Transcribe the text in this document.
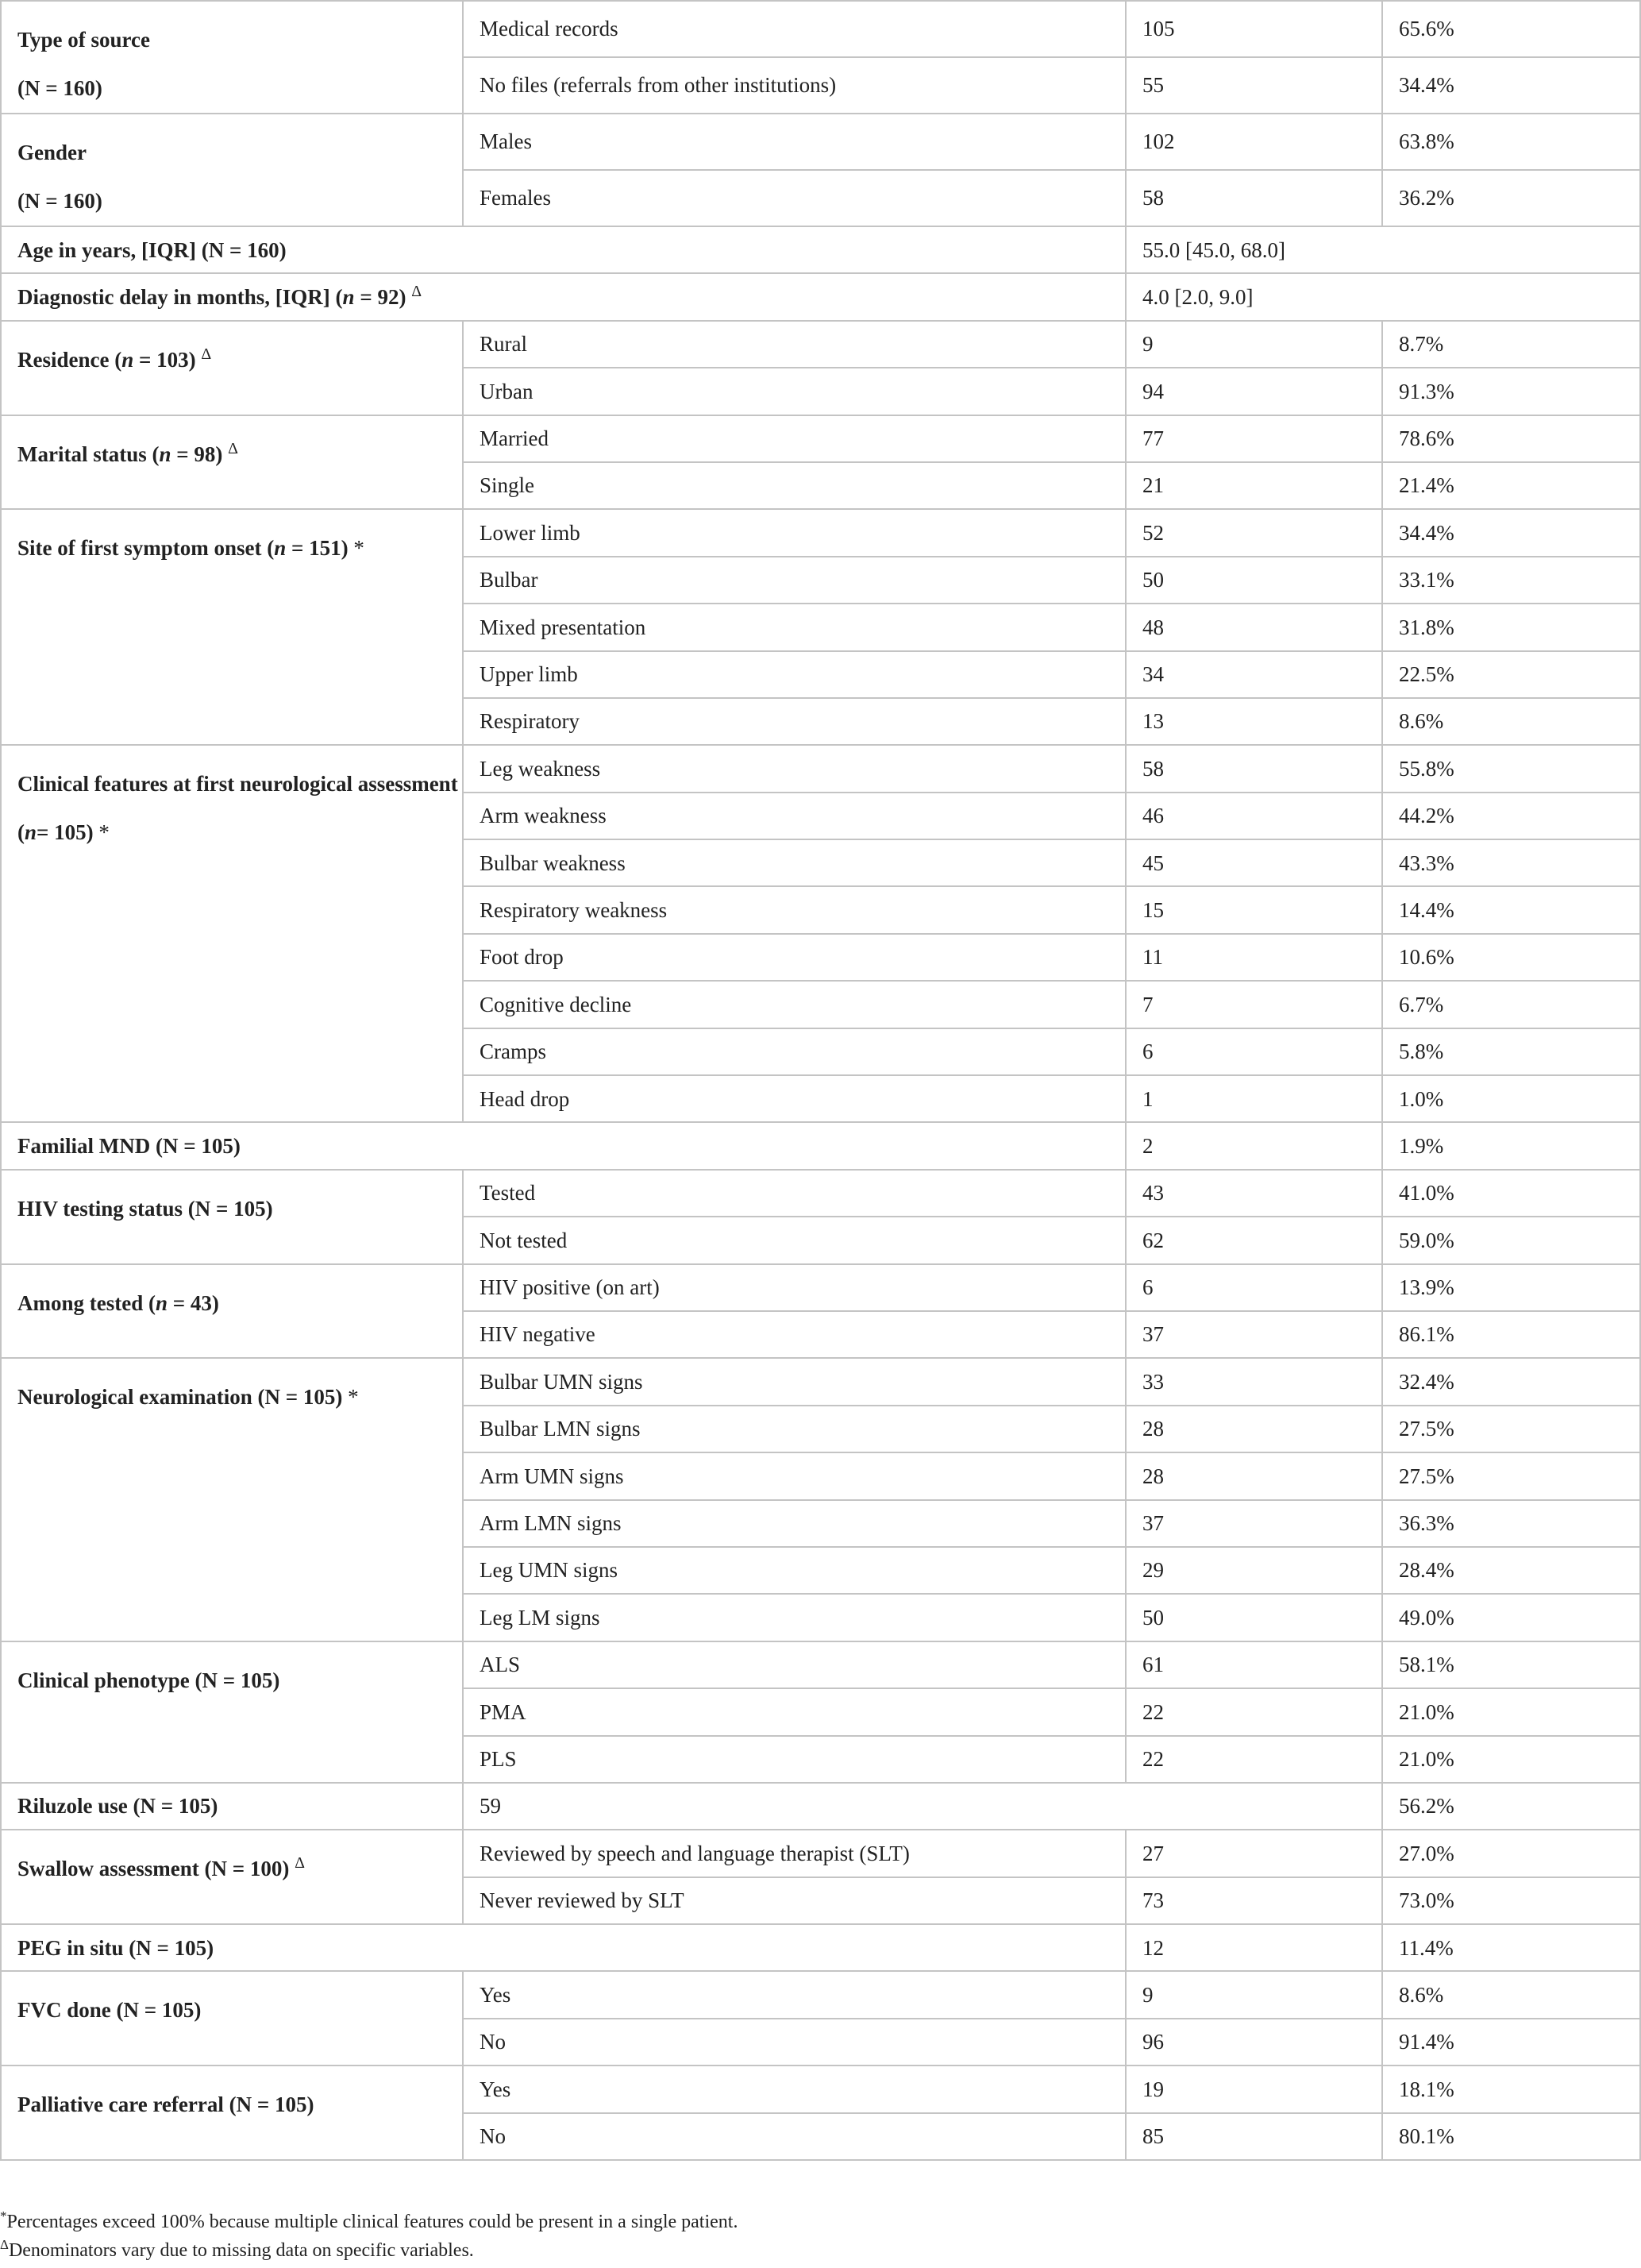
Type of source
(N = 160)	Medical records	105	65.6%
	No files (referrals from other institutions)	55	34.4%
Gender
(N = 160)	Males	102	63.8%
	Females	58	36.2%
Age in years, [IQR] (N = 160)		55.0 [45.0, 68.0]	
Diagnostic delay in months, [IQR] (n = 92) $^\Delta$		4.0 [2.0, 9.0]	
Residence (n = 103) $^\Delta$	Rural	9	8.7%
	Urban	94	91.3%
Marital status (n = 98) $^\Delta$	Married	77	78.6%
	Single	21	21.4%
Site of first symptom onset (n = 151) *	Lower limb	52	34.4%
	Bulbar	50	33.1%
	Mixed presentation	48	31.8%
	Upper limb	34	22.5%
	Respiratory	13	8.6%
Clinical features at first neurological assessment (n= 105) *	Leg weakness	58	55.8%
	Arm weakness	46	44.2%
	Bulbar weakness	45	43.3%
	Respiratory weakness	15	14.4%
	Foot drop	11	10.6%
	Cognitive decline	7	6.7%
	Cramps	6	5.8%
	Head drop	1	1.0%
Familial MND (N = 105)		2	1.9%
HIV testing status (N = 105)	Tested	43	41.0%
	Not tested	62	59.0%
Among tested (n = 43)	HIV positive (on art)	6	13.9%
	HIV negative	37	86.1%
Neurological examination (N = 105) *	Bulbar UMN signs	33	32.4%
	Bulbar LMN signs	28	27.5%
	Arm UMN signs	28	27.5%
	Arm LMN signs	37	36.3%
	Leg UMN signs	29	28.4%
	Leg LM signs	50	49.0%
Clinical phenotype (N = 105)	ALS	61	58.1%
	PMA	22	21.0%
	PLS	22	21.0%
Riluzole use (N = 105)	59		56.2%
Swallow assessment (N = 100) $^\Delta$	Reviewed by speech and language therapist (SLT)	27	27.0%
	Never reviewed by SLT	73	73.0%
PEG in situ (N = 105)		12	11.4%
FVC done (N = 105)	Yes	9	8.6%
	No	96	91.4%
Palliative care referral (N = 105)	Yes	19	18.1%
	No	85	80.1%
*Percentages exceed 100% because multiple clinical features could be present in a single patient.
$^\Delta$Denominators vary due to missing data on specific variables.
